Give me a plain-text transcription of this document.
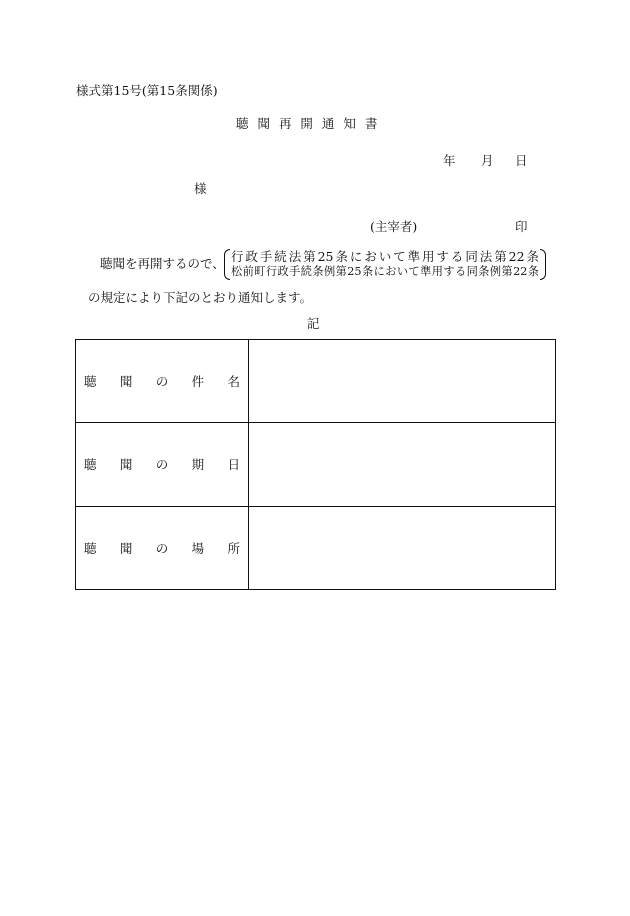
様式第15号(第15条関係)
聴 聞 再 開 通 知 書
年 月 日
様
(主宰者)	印
聴聞を再開するので、 行政手続法第25条において準用する同法第22条
松前町行政手続条例第25条において準用する同条例第22条
の規定により下記のとおり通知します。
記
聴 聞 の 件 名	

聴 聞 の 期 日	

聴 聞 の 場 所	
